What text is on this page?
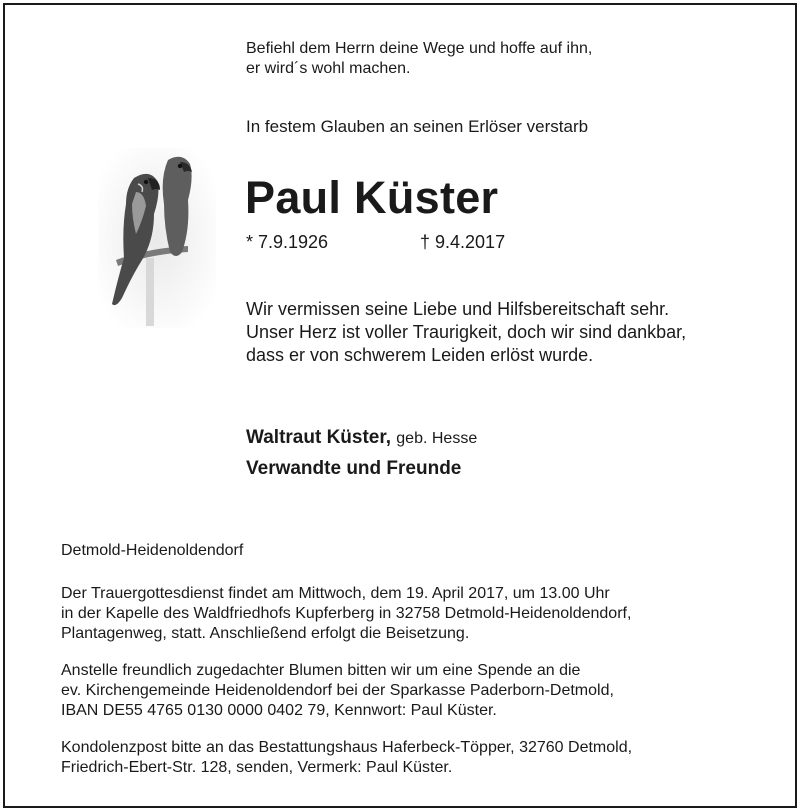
Befiehl dem Herrn deine Wege und hoffe auf ihn,
er wird´s wohl machen.
In festem Glauben an seinen Erlöser verstarb
Paul Küster
* 7.9.1926	† 9.4.2017
Wir vermissen seine Liebe und Hilfsbereitschaft sehr.
Unser Herz ist voller Traurigkeit, doch wir sind dankbar,
dass er von schwerem Leiden erlöst wurde.
Waltraut Küster, geb. Hesse
Verwandte und Freunde
Detmold-Heidenoldendorf
Der Trauergottesdienst findet am Mittwoch, dem 19. April 2017, um 13.00 Uhr
in der Kapelle des Waldfriedhofs Kupferberg in 32758 Detmold-Heidenoldendorf,
Plantagenweg, statt. Anschließend erfolgt die Beisetzung.
Anstelle freundlich zugedachter Blumen bitten wir um eine Spende an die
ev. Kirchengemeinde Heidenoldendorf bei der Sparkasse Paderborn-Detmold,
IBAN DE55 4765 0130 0000 0402 79, Kennwort: Paul Küster.
Kondolenzpost bitte an das Bestattungshaus Haferbeck-Töpper, 32760 Detmold,
Friedrich-Ebert-Str. 128, senden, Vermerk: Paul Küster.
